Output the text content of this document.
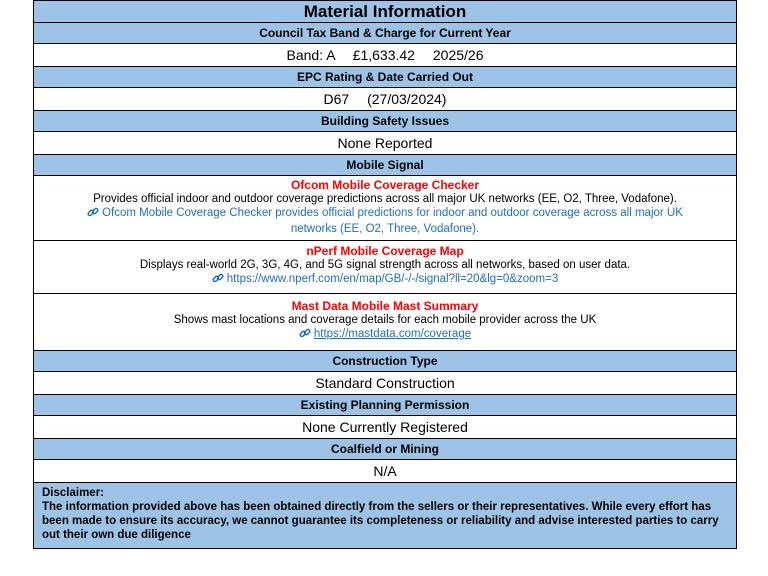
Material Information
Council Tax Band & Charge for Current Year
Band: A £1,633.42 2025/26
EPC Rating & Date Carried Out
D67 (27/03/2024)
Building Safety Issues
None Reported
Mobile Signal
Ofcom Mobile Coverage Checker
Provides official indoor and outdoor coverage predictions across all major UK networks (EE, O2, Three, Vodafone).
Ofcom Mobile Coverage Checker provides official predictions for indoor and outdoor coverage across all major UK
networks (EE, O2, Three, Vodafone).
nPerf Mobile Coverage Map
Displays real-world 2G, 3G, 4G, and 5G signal strength across all networks, based on user data.
https://www.nperf.com/en/map/GB/-/-/signal?ll=20&lg=0&zoom=3
Mast Data Mobile Mast Summary
Shows mast locations and coverage details for each mobile provider across the UK
https://mastdata.com/coverage
Construction Type
Standard Construction
Existing Planning Permission
None Currently Registered
Coalfield or Mining
N/A
Disclaimer:
The information provided above has been obtained directly from the sellers or their representatives. While every effort has been made to ensure its accuracy, we cannot guarantee its completeness or reliability and advise interested parties to carry out their own due diligence
